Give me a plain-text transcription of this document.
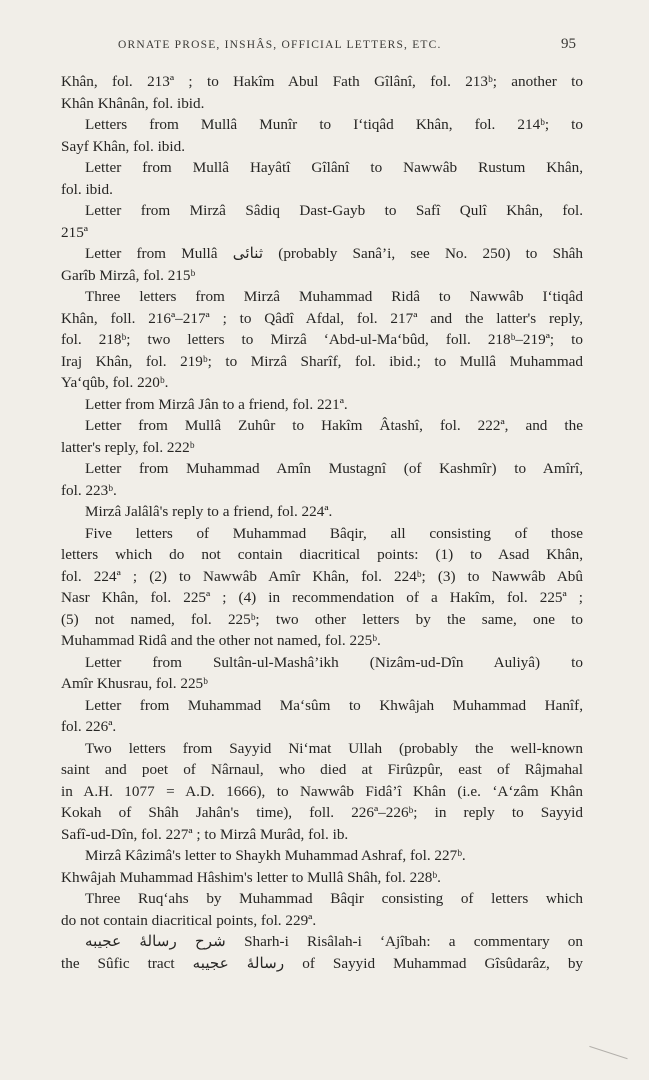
ORNATE PROSE, INSHÂS, OFFICIAL LETTERS, ETC.	95
Khân, fol. 213ª ; to Hakîm Abul Fath Gîlânî, fol. 213ᵇ; another to
Khân Khânân, fol. ibid.
Letters from Mullâ Munîr to I‘tiqâd Khân, fol. 214ᵇ; to
Sayf Khân, fol. ibid.
Letter from Mullâ Hayâtî Gîlânî to Nawwâb Rustum Khân,
fol. ibid.
Letter from Mirzâ Sâdiq Dast-Gayb to Safî Qulî Khân, fol.
215ª
Letter from Mullâ ثنائی (probably Sanâ’i, see No. 250) to Shâh
Garîb Mirzâ, fol. 215ᵇ
Three letters from Mirzâ Muhammad Ridâ to Nawwâb I‘tiqâd
Khân, foll. 216ª–217ª ; to Qâdî Afdal, fol. 217ª and the latter's reply,
fol. 218ᵇ; two letters to Mirzâ ‘Abd-ul-Ma‘bûd, foll. 218ᵇ–219ª; to
Iraj Khân, fol. 219ᵇ; to Mirzâ Sharîf, fol. ibid.; to Mullâ Muhammad
Ya‘qûb, fol. 220ᵇ.
Letter from Mirzâ Jân to a friend, fol. 221ª.
Letter from Mullâ Zuhûr to Hakîm Âtashî, fol. 222ª, and the
latter's reply, fol. 222ᵇ
Letter from Muhammad Amîn Mustagnî (of Kashmîr) to Amîrî,
fol. 223ᵇ.
Mirzâ Jalâlâ's reply to a friend, fol. 224ª.
Five letters of Muhammad Bâqir, all consisting of those
letters which do not contain diacritical points: (1) to Asad Khân,
fol. 224ª ; (2) to Nawwâb Amîr Khân, fol. 224ᵇ; (3) to Nawwâb Abû
Nasr Khân, fol. 225ª ; (4) in recommendation of a Hakîm, fol. 225ª ;
(5) not named, fol. 225ᵇ; two other letters by the same, one to
Muhammad Ridâ and the other not named, fol. 225ᵇ.
Letter from Sultân-ul-Mashâ’ikh (Nizâm-ud-Dîn Auliyâ) to
Amîr Khusrau, fol. 225ᵇ
Letter from Muhammad Ma‘sûm to Khwâjah Muhammad Hanîf,
fol. 226ª.
Two letters from Sayyid Ni‘mat Ullah (probably the well-known
saint and poet of Nârnaul, who died at Firûzpûr, east of Râjmahal
in A.H. 1077 = A.D. 1666), to Nawwâb Fidâ’î Khân (i.e. ‘A‘zâm Khân
Kokah of Shâh Jahân's time), foll. 226ª–226ᵇ; in reply to Sayyid
Safî-ud-Dîn, fol. 227ª ; to Mirzâ Murâd, fol. ib.
Mirzâ Kâzimâ's letter to Shaykh Muhammad Ashraf, fol. 227ᵇ.
Khwâjah Muhammad Hâshim's letter to Mullâ Shâh, fol. 228ᵇ.
Three Ruq‘ahs by Muhammad Bâqir consisting of letters which
do not contain diacritical points, fol. 229ª.
شرح رسالهٔ عجیبه Sharh-i Risâlah-i ‘Ajîbah: a commentary on
the Sûfic tract رسالهٔ عجیبه of Sayyid Muhammad Gîsûdarâz, by
